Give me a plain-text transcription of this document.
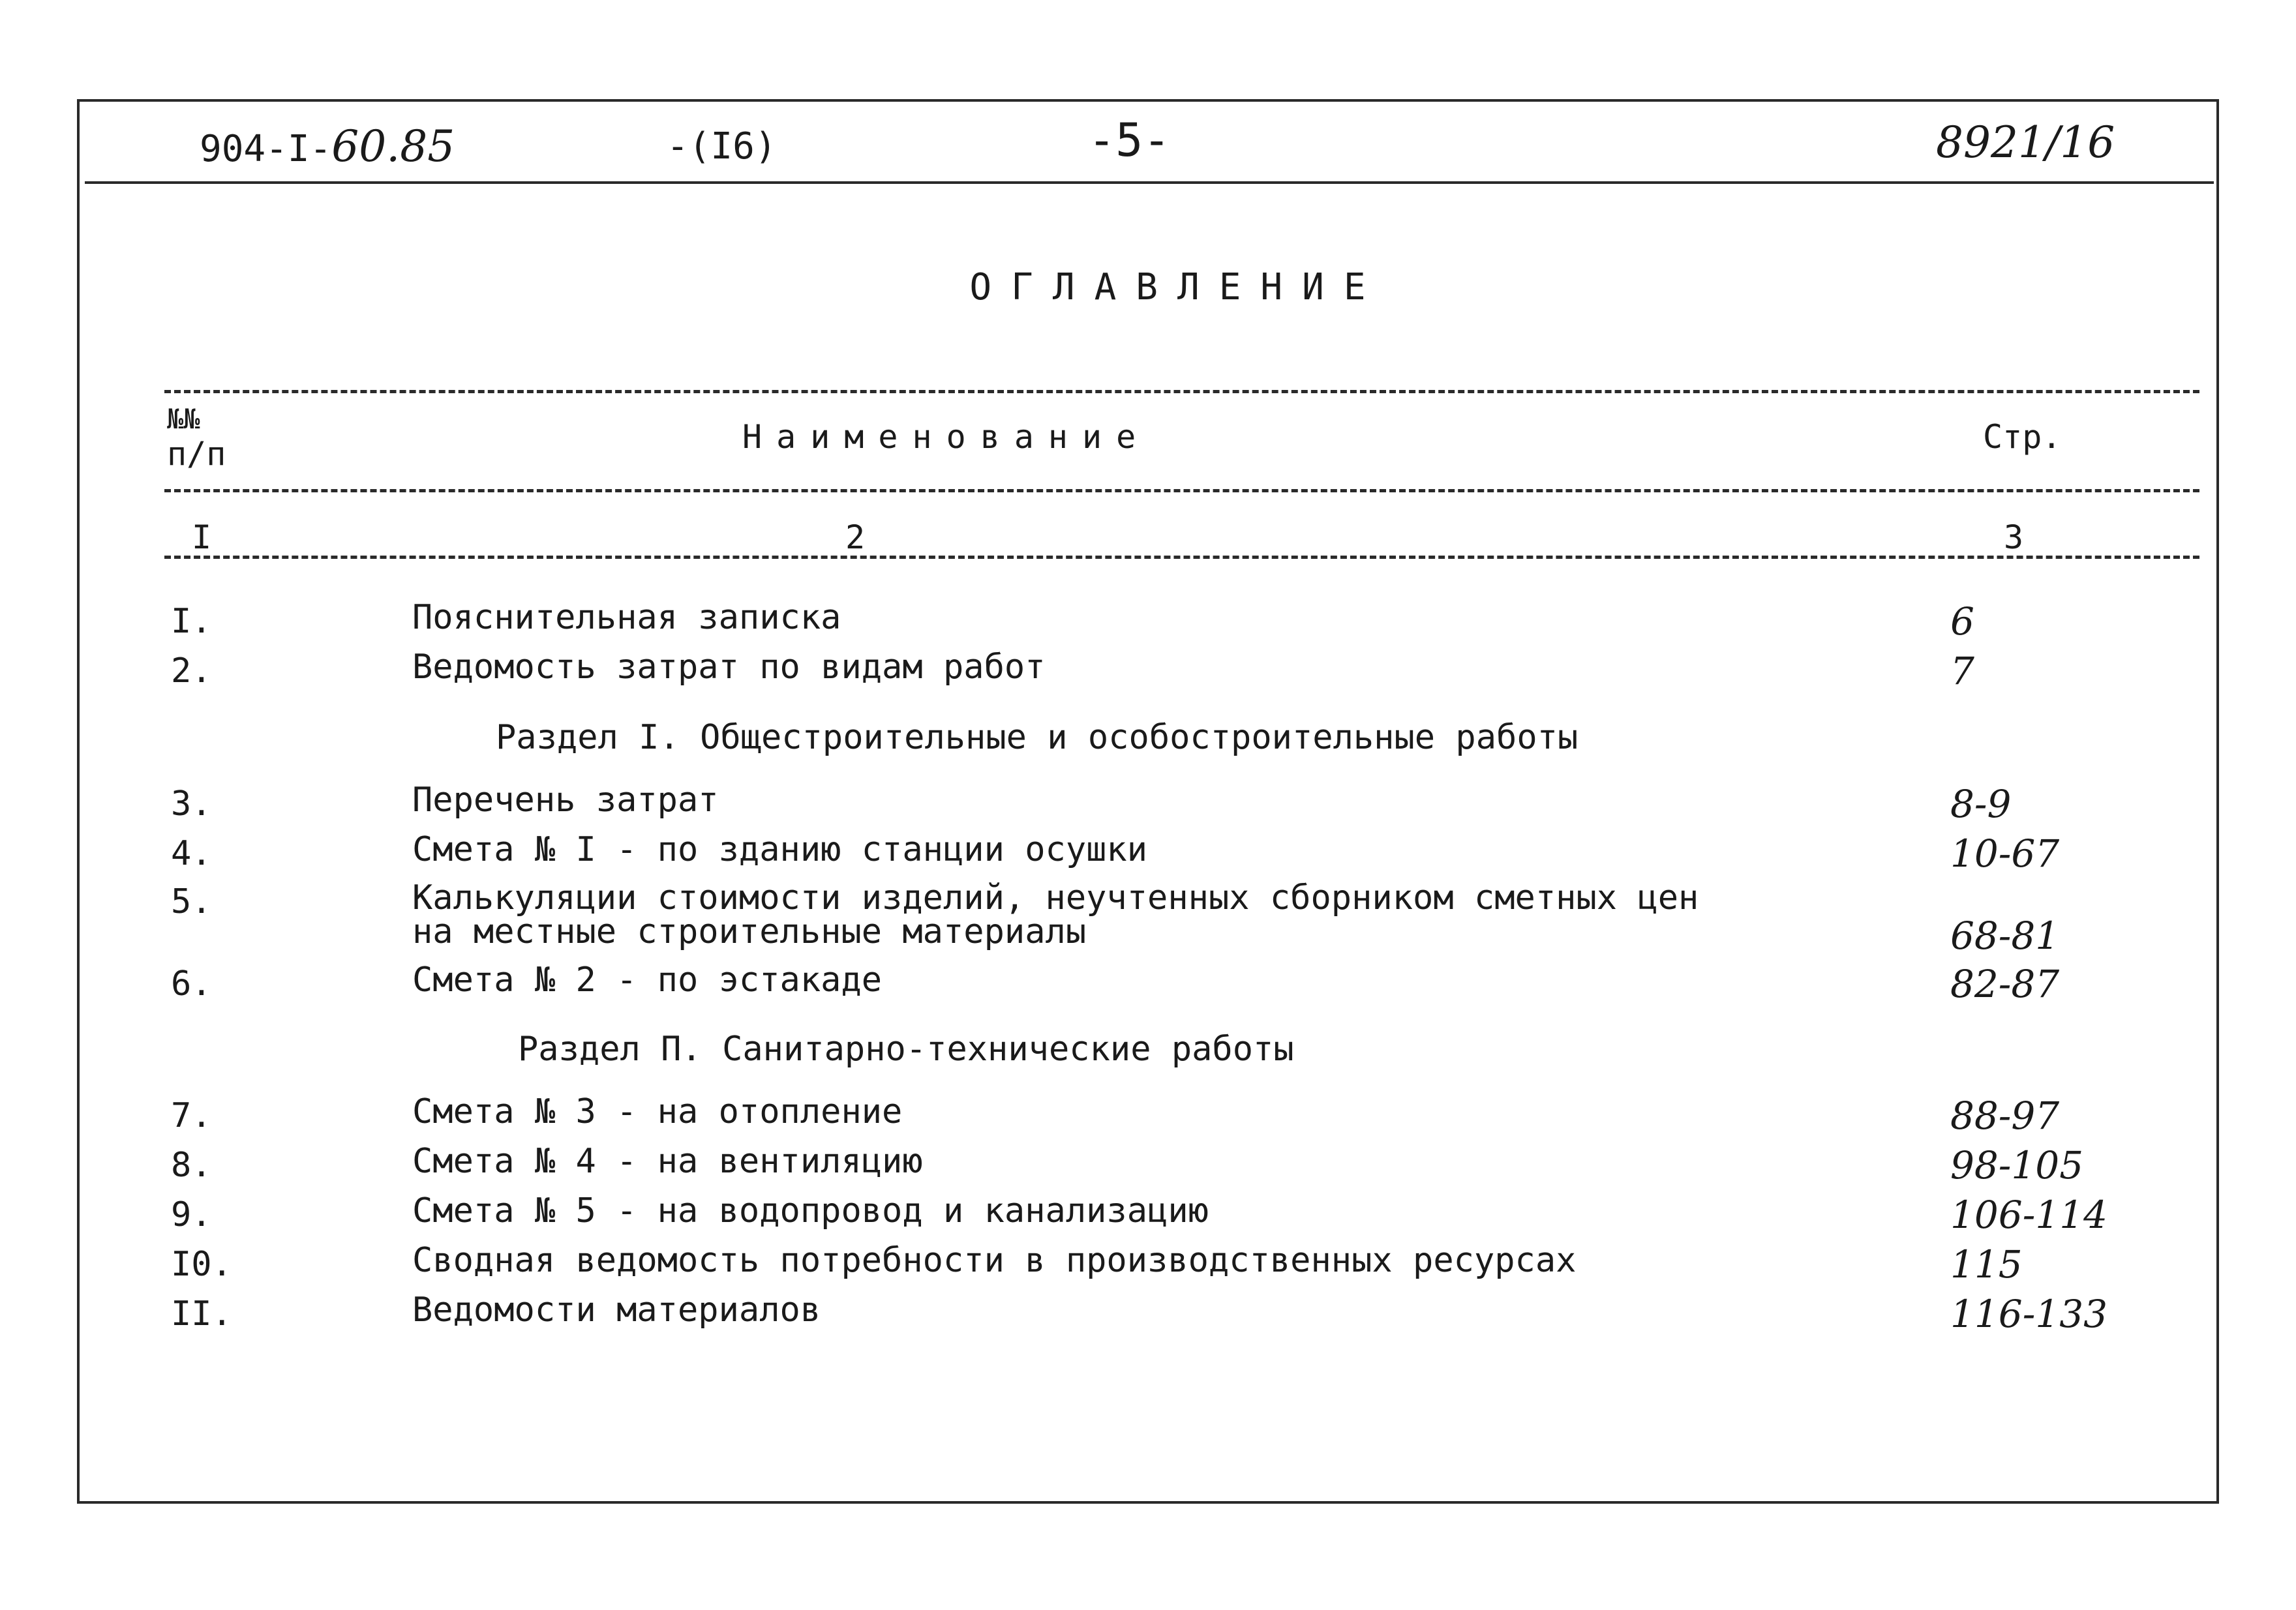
904-I-60.85	-(I6)	-5-	8921/16
ОГЛАВЛЕНИЕ
№№
п/п	Наименование	Стр.
I	2	3
I.	Пояснительная записка	6
2.	Ведомость затрат по видам работ	7
Раздел I. Общестроительные и особостроительные работы
3.	Перечень затрат	8-9
4.	Смета № I - по зданию станции осушки	10-67
5.	Калькуляции стоимости изделий, неучтенных сборником сметных цен
на местные строительные материалы	68-81
6.	Смета № 2 - по эстакаде	82-87
Раздел П. Санитарно-технические работы
7.	Смета № 3 - на отопление	88-97
8.	Смета № 4 - на вентиляцию	98-105
9.	Смета № 5 - на водопровод и канализацию	106-114
I0.	Сводная ведомость потребности в производственных ресурсах	115
II.	Ведомости материалов	116-133
